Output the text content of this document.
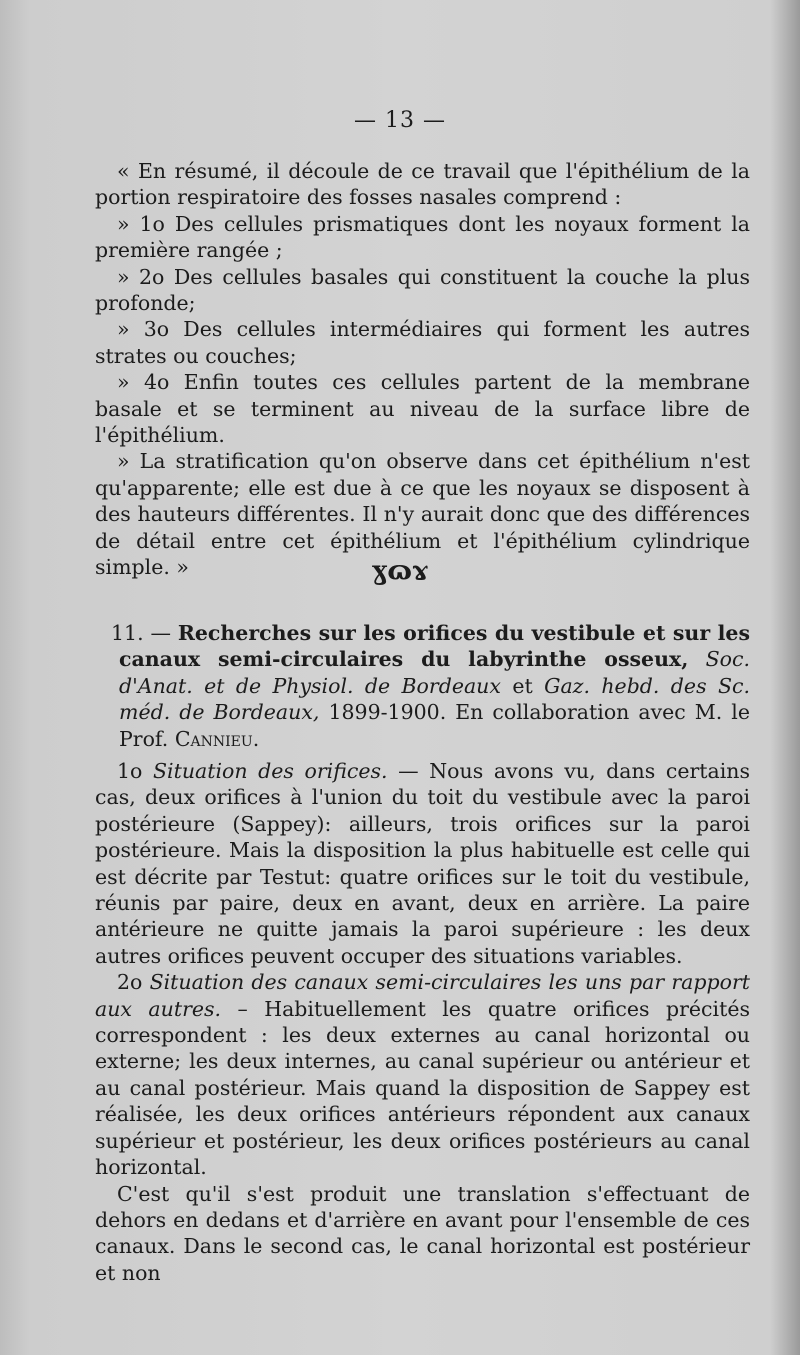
— 13 —

« En résumé, il découle de ce travail que l'épithélium de la portion respiratoire des fosses nasales comprend :

» 1o Des cellules prismatiques dont les noyaux forment la première rangée ;

» 2o Des cellules basales qui constituent la couche la plus profonde;

» 3o Des cellules intermédiaires qui forment les autres strates ou couches;

» 4o Enfin toutes ces cellules partent de la membrane basale et se terminent au niveau de la surface libre de l'épithélium.

» La stratification qu'on observe dans cet épithélium n'est qu'apparente; elle est due à ce que les noyaux se disposent à des hauteurs différentes. Il n'y aurait donc que des différences de détail entre cet épithélium et l'épithélium cylindrique simple. »	ɣɷɤ

11. — Recherches sur les orifices du vestibule et sur les canaux semi-circulaires du labyrinthe osseux, Soc. d'Anat. et de Physiol. de Bordeaux et Gaz. hebd. des Sc. méd. de Bordeaux, 1899-1900. En collaboration avec M. le Prof. Cannieu.

1o Situation des orifices. — Nous avons vu, dans certains cas, deux orifices à l'union du toit du vestibule avec la paroi postérieure (Sappey): ailleurs, trois orifices sur la paroi postérieure. Mais la disposition la plus habituelle est celle qui est décrite par Testut: quatre orifices sur le toit du vestibule, réunis par paire, deux en avant, deux en arrière. La paire antérieure ne quitte jamais la paroi supérieure : les deux autres orifices peuvent occuper des situations variables.

2o Situation des canaux semi-circulaires les uns par rapport aux autres. – Habituellement les quatre orifices précités correspondent : les deux externes au canal horizontal ou externe; les deux internes, au canal supérieur ou antérieur et au canal postérieur. Mais quand la disposition de Sappey est réalisée, les deux orifices antérieurs répondent aux canaux supérieur et postérieur, les deux orifices postérieurs au canal horizontal.

C'est qu'il s'est produit une translation s'effectuant de dehors en dedans et d'arrière en avant pour l'ensemble de ces canaux. Dans le second cas, le canal horizontal est postérieur et non
